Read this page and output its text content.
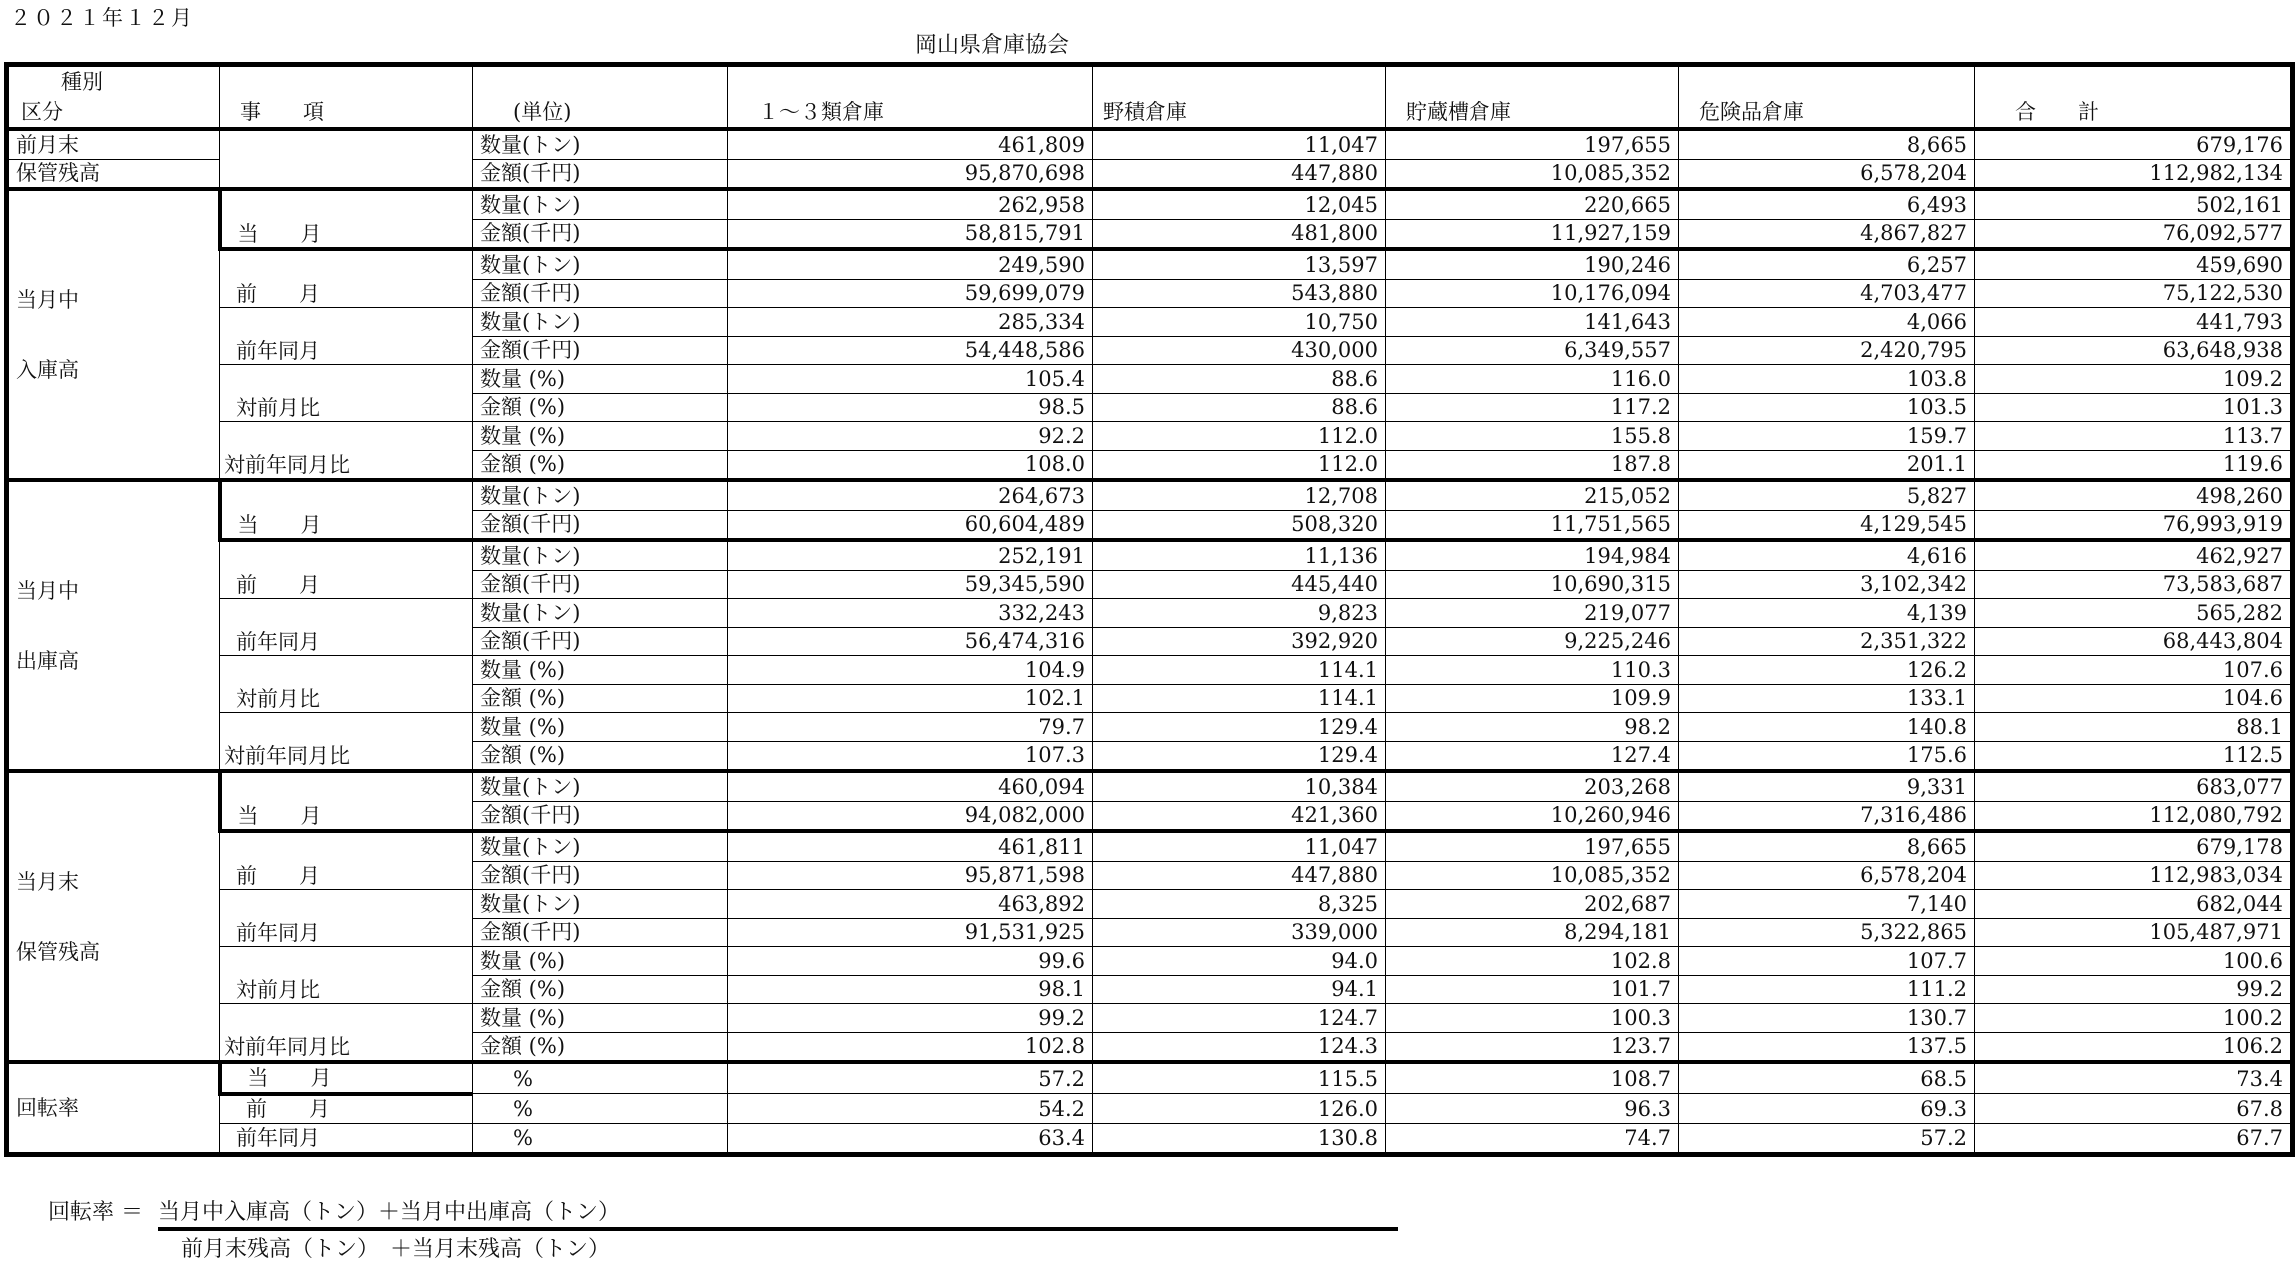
２０２１年１２月
岡山県倉庫協会
種別
区分	事　　項	(単位)	１～３類倉庫	野積倉庫	貯蔵槽倉庫	危険品倉庫	合　　計
前月末		数量(トン)	461,809	11,047	197,655	8,665	679,176
保管残高		金額(千円)	95,870,698	447,880	10,085,352	6,578,204	112,982,134

当月中
入庫高	当　　月	数量(トン)	262,958	12,045	220,665	6,493	502,161
		金額(千円)	58,815,791	481,800	11,927,159	4,867,827	76,092,577
	前　　月	数量(トン)	249,590	13,597	190,246	6,257	459,690
		金額(千円)	59,699,079	543,880	10,176,094	4,703,477	75,122,530
	前年同月	数量(トン)	285,334	10,750	141,643	4,066	441,793
		金額(千円)	54,448,586	430,000	6,349,557	2,420,795	63,648,938
	対前月比	数量 (%)	105.4	88.6	116.0	103.8	109.2
		金額 (%)	98.5	88.6	117.2	103.5	101.3
	対前年同月比	数量 (%)	92.2	112.0	155.8	159.7	113.7
		金額 (%)	108.0	112.0	187.8	201.1	119.6

当月中
出庫高	当　　月	数量(トン)	264,673	12,708	215,052	5,827	498,260
		金額(千円)	60,604,489	508,320	11,751,565	4,129,545	76,993,919
	前　　月	数量(トン)	252,191	11,136	194,984	4,616	462,927
		金額(千円)	59,345,590	445,440	10,690,315	3,102,342	73,583,687
	前年同月	数量(トン)	332,243	9,823	219,077	4,139	565,282
		金額(千円)	56,474,316	392,920	9,225,246	2,351,322	68,443,804
	対前月比	数量 (%)	104.9	114.1	110.3	126.2	107.6
		金額 (%)	102.1	114.1	109.9	133.1	104.6
	対前年同月比	数量 (%)	79.7	129.4	98.2	140.8	88.1
		金額 (%)	107.3	129.4	127.4	175.6	112.5

当月末
保管残高	当　　月	数量(トン)	460,094	10,384	203,268	9,331	683,077
		金額(千円)	94,082,000	421,360	10,260,946	7,316,486	112,080,792
	前　　月	数量(トン)	461,811	11,047	197,655	8,665	679,178
		金額(千円)	95,871,598	447,880	10,085,352	6,578,204	112,983,034
	前年同月	数量(トン)	463,892	8,325	202,687	7,140	682,044
		金額(千円)	91,531,925	339,000	8,294,181	5,322,865	105,487,971
	対前月比	数量 (%)	99.6	94.0	102.8	107.7	100.6
		金額 (%)	98.1	94.1	101.7	111.2	99.2
	対前年同月比	数量 (%)	99.2	124.7	100.3	130.7	100.2
		金額 (%)	102.8	124.3	123.7	137.5	106.2
回転率	当　　月	%	57.2	115.5	108.7	68.5	73.4
	前　　月	%	54.2	126.0	96.3	69.3	67.8
	前年同月	%	63.4	130.8	74.7	57.2	67.7
回転率 ＝ 当月中入庫高（トン）＋当月中出庫高（トン）
前月末残高（トン）　＋当月末残高（トン）
